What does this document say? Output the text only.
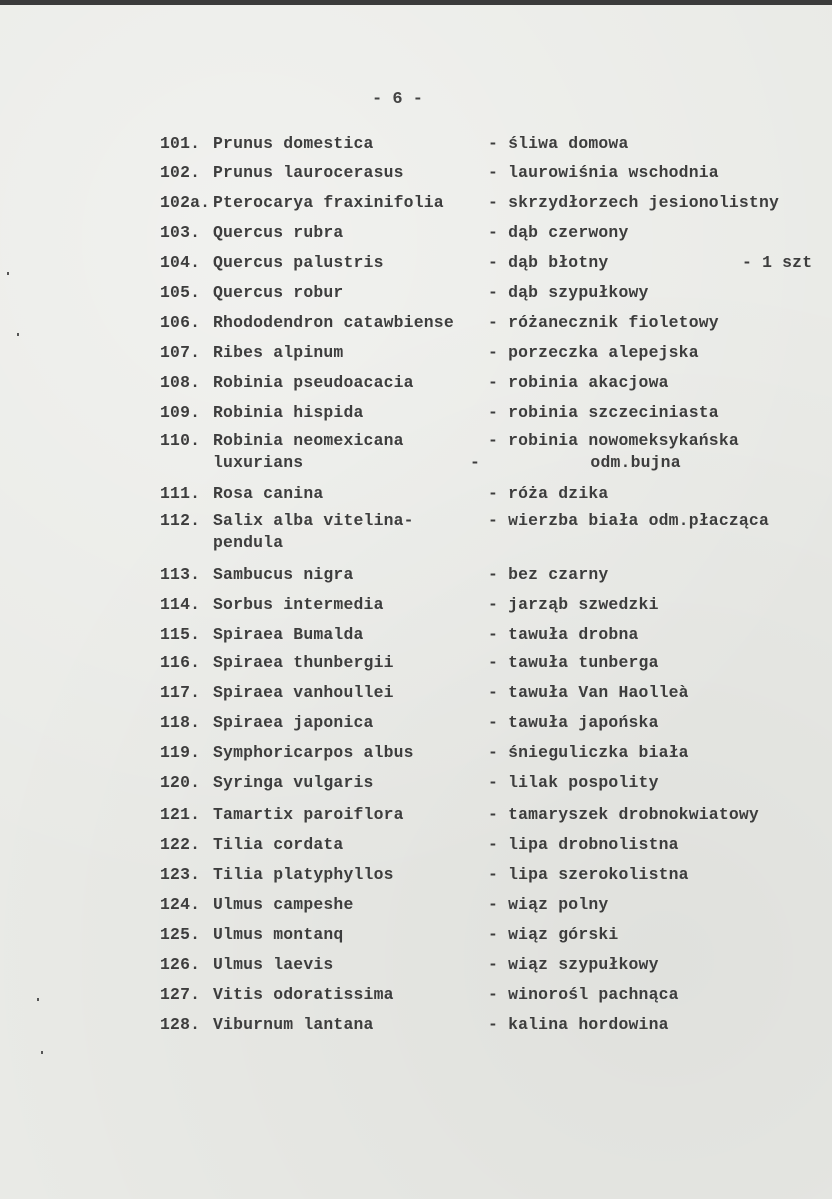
- 6 -
101. Prunus domestica	- śliwa domowa
102. Prunus laurocerasus	- laurowiśnia wschodnia
102a. Pterocarya fraxinifolia	- skrzydłorzech jesionolistny
103. Quercus rubra	- dąb czerwony
104. Quercus palustris	- dąb błotny	- 1 szt
105. Quercus robur	- dąb szypułkowy
106. Rhododendron catawbiense - różanecznik fioletowy
107. Ribes alpinum	- porzeczka alepejska
108. Robinia pseudoacacia	- robinia akacjowa
109. Robinia hispida	- robinia szczeciniasta
110. Robinia neomexicana	- robinia nowomeksykańska
luxurians	-           odm.bujna
111. Rosa canina	- róża dzika
112. Salix alba vitelina-	- wierzba biała odm.płacząca
pendula
113. Sambucus nigra	- bez czarny
114. Sorbus intermedia	- jarząb szwedzki
115. Spiraea Bumalda	- tawuła drobna
116. Spiraea thunbergii	- tawuła tunberga
117. Spiraea vanhoullei	- tawuła Van Haolleà
118. Spiraea japonica	- tawuła japońska
119. Symphoricarpos albus	- śnieguliczka biała
120. Syringa vulgaris	- lilak pospolity
121. Tamartix paroiflora	- tamaryszek drobnokwiatowy
122. Tilia cordata	- lipa drobnolistna
123. Tilia platyphyllos	- lipa szerokolistna
124. Ulmus campeshe	- wiąz polny
125. Ulmus montanq	- wiąz górski
126. Ulmus laevis	- wiąz szypułkowy
127. Vitis odoratissima	- winorośl pachnąca
128. Viburnum lantana	- kalina hordowina
